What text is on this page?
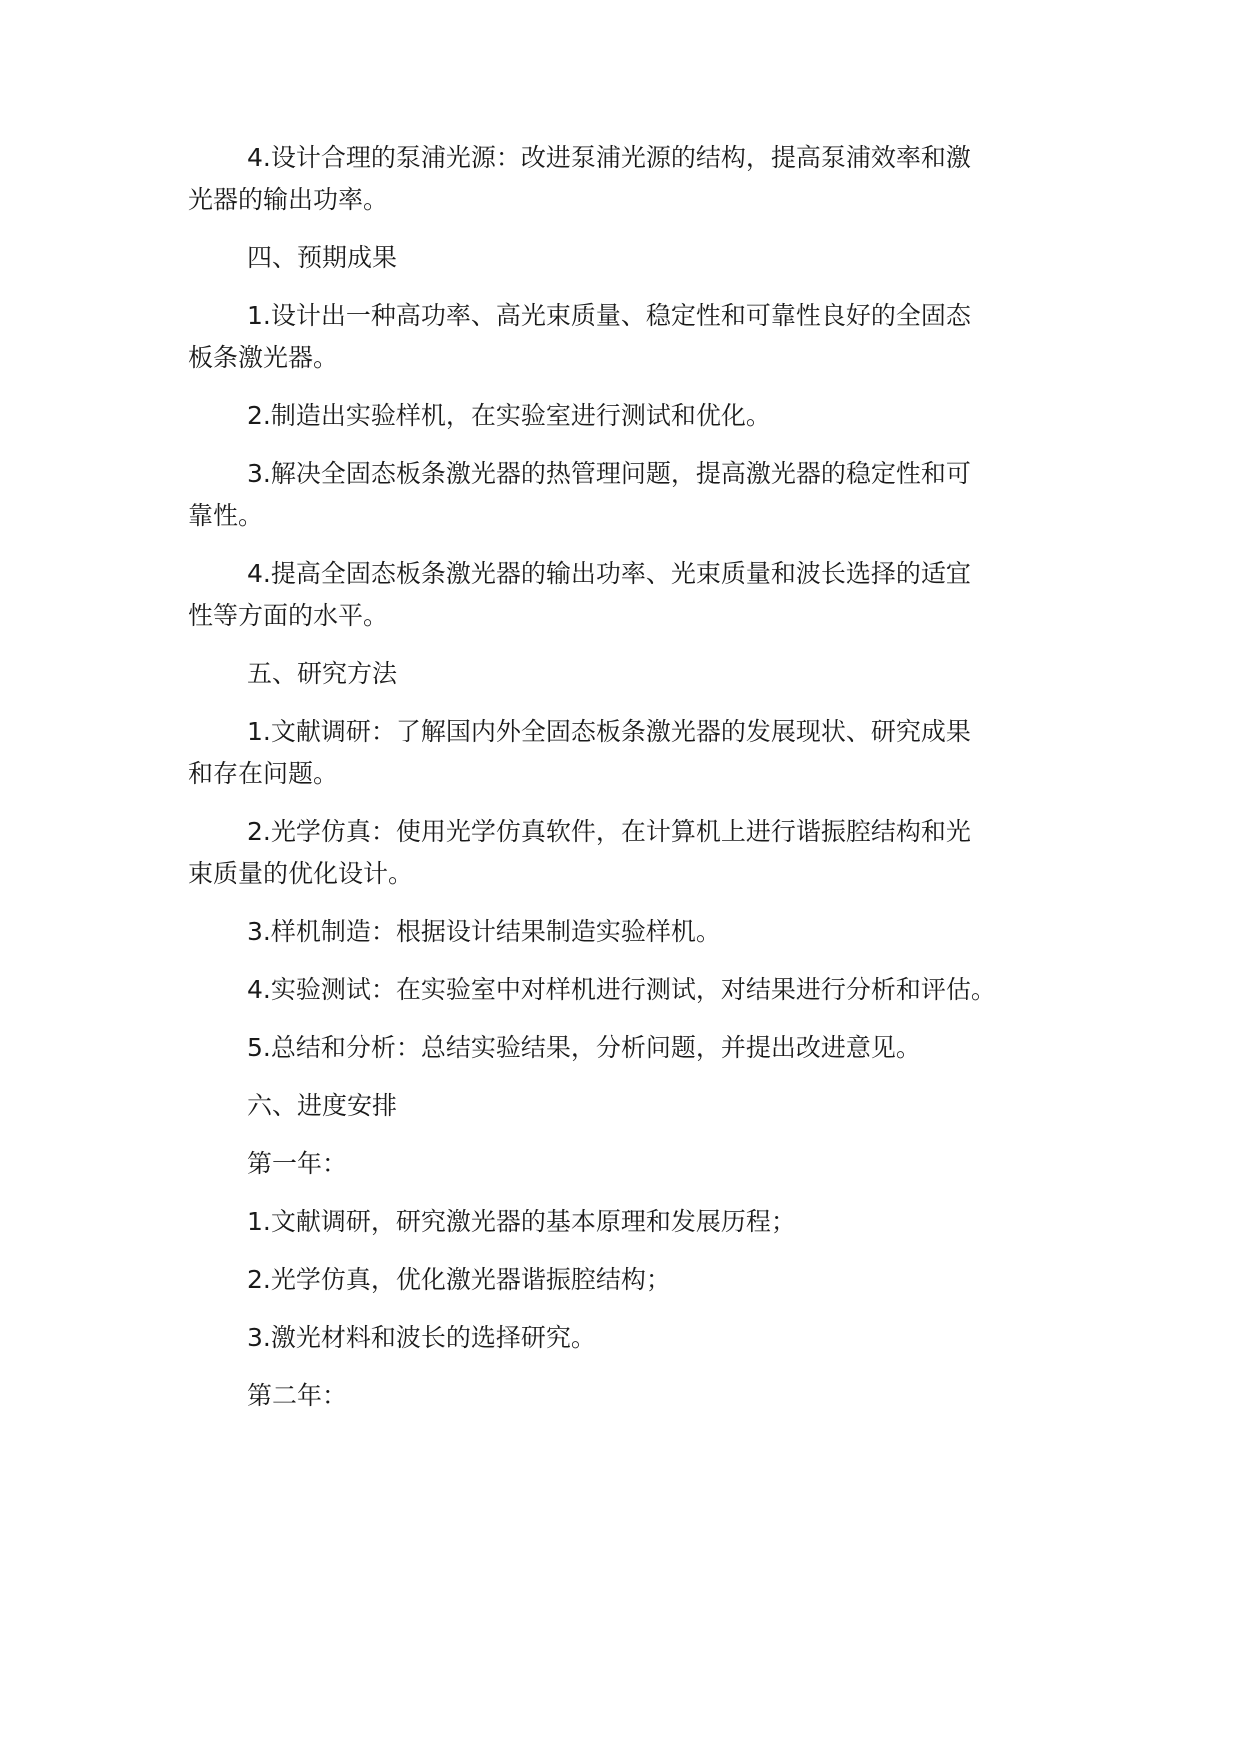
4.设计合理的泵浦光源：改进泵浦光源的结构，提高泵浦效率和激
光器的输出功率。
四、预期成果
1.设计出一种高功率、高光束质量、稳定性和可靠性良好的全固态
板条激光器。
2.制造出实验样机，在实验室进行测试和优化。
3.解决全固态板条激光器的热管理问题，提高激光器的稳定性和可
靠性。
4.提高全固态板条激光器的输出功率、光束质量和波长选择的适宜
性等方面的水平。
五、研究方法
1.文献调研：了解国内外全固态板条激光器的发展现状、研究成果
和存在问题。
2.光学仿真：使用光学仿真软件，在计算机上进行谐振腔结构和光
束质量的优化设计。
3.样机制造：根据设计结果制造实验样机。
4.实验测试：在实验室中对样机进行测试，对结果进行分析和评估。
5.总结和分析：总结实验结果，分析问题，并提出改进意见。
六、进度安排
第一年：
1.文献调研，研究激光器的基本原理和发展历程；
2.光学仿真，优化激光器谐振腔结构；
3.激光材料和波长的选择研究。
第二年：
